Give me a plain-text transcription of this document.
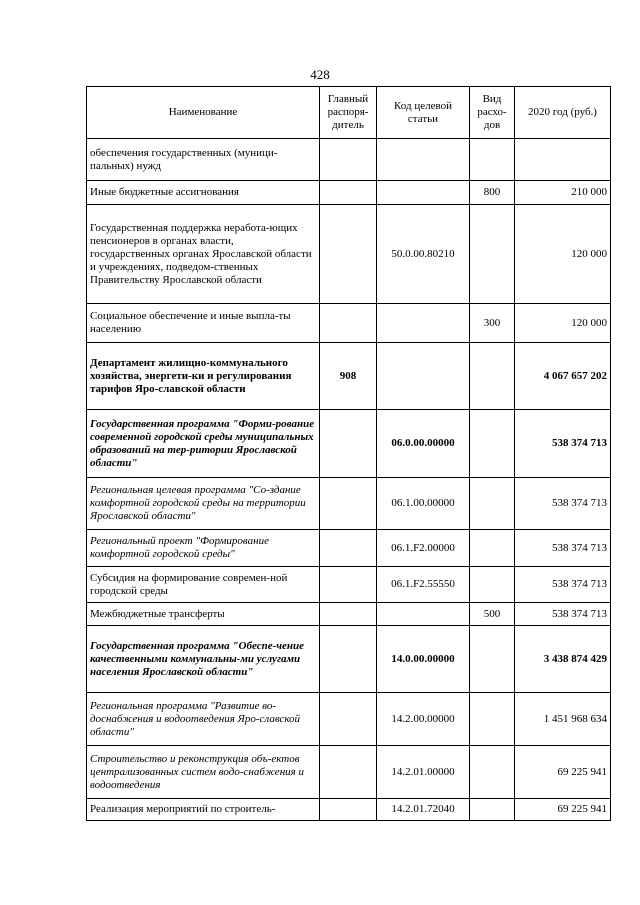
428
Наименование	Главный распоря-дитель	Код целевой статьи	Вид расхо-дов	2020 год (руб.)
обеспечения государственных (муници-пальных) нужд				
Иные бюджетные ассигнования			800	210 000
Государственная поддержка неработа-ющих пенсионеров в органах власти, государственных органах Ярославской области и учреждениях, подведом-ственных Правительству Ярославской области		50.0.00.80210		120 000
Социальное обеспечение и иные выпла-ты населению			300	120 000
Департамент жилищно-коммунального хозяйства, энергети-ки и регулирования тарифов Яро-славской области	908			4 067 657 202
Государственная программа "Форми-рование современной городской среды муниципальных образований на тер-ритории Ярославской области"		06.0.00.00000		538 374 713
Региональная целевая программа "Со-здание комфортной городской среды на территории Ярославской области"		06.1.00.00000		538 374 713
Региональный проект "Формирование комфортной городской среды"		06.1.F2.00000		538 374 713
Субсидия на формирование современ-ной городской среды		06.1.F2.55550		538 374 713
Межбюджетные трансферты			500	538 374 713
Государственная программа "Обеспе-чение качественными коммунальны-ми услугами населения Ярославской области"		14.0.00.00000		3 438 874 429
Региональная программа "Развитие во-доснабжения и водоотведения Яро-славской области"		14.2.00.00000		1 451 968 634
Строительство и реконструкция объ-ектов централизованных систем водо-снабжения и водоотведения		14.2.01.00000		69 225 941
Реализация мероприятий по строитель-		14.2.01.72040		69 225 941
